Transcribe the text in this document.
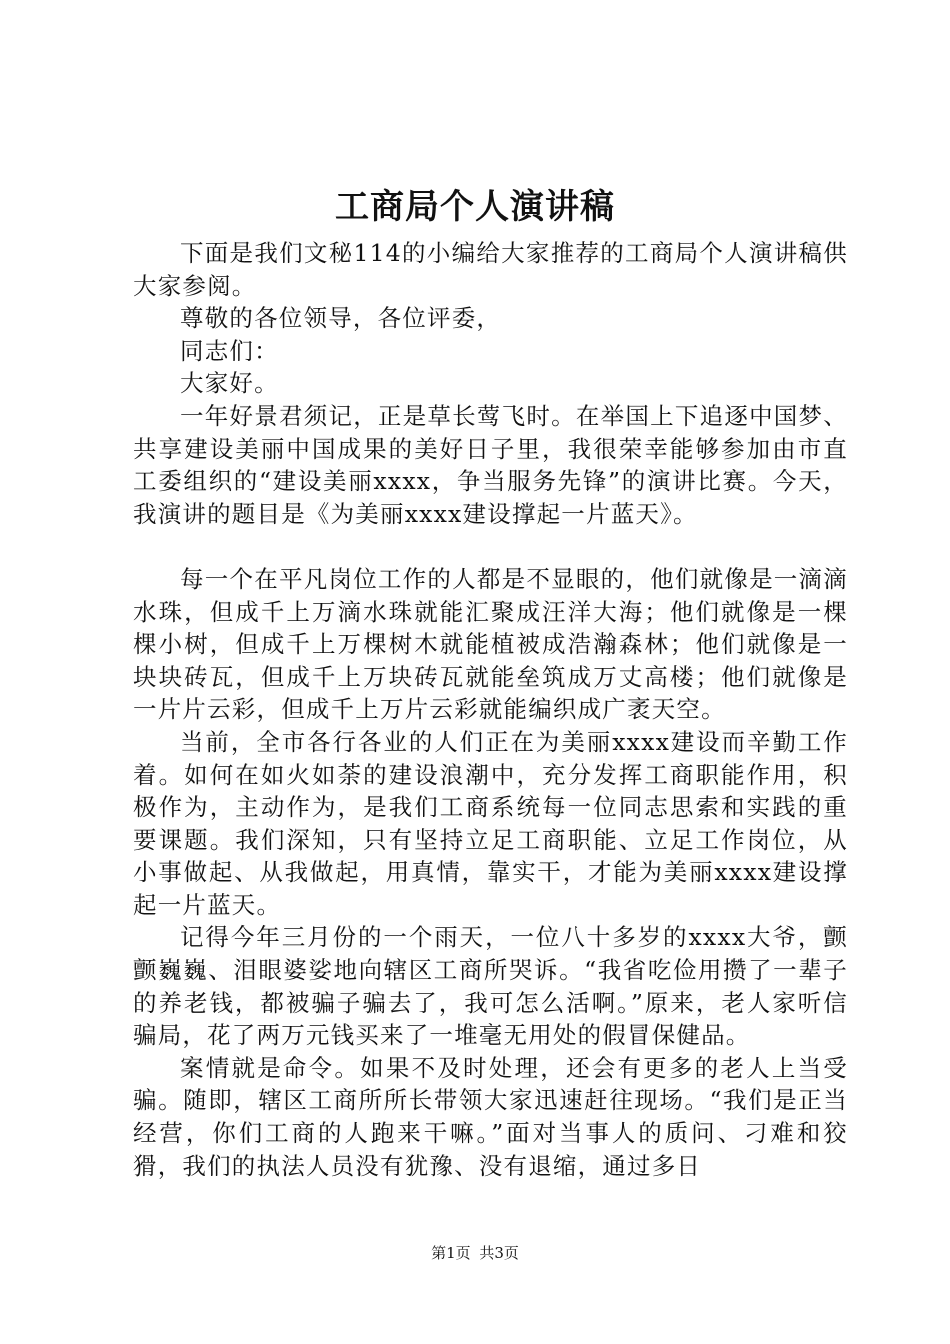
工商局个人演讲稿

下面是我们文秘114的小编给大家推荐的工商局个人演讲稿供大家参阅。

尊敬的各位领导，各位评委，

同志们：

大家好。

一年好景君须记，正是草长莺飞时。在举国上下追逐中国梦、共享建设美丽中国成果的美好日子里，我很荣幸能够参加由市直工委组织的“建设美丽xxxx，争当服务先锋”的演讲比赛。今天，我演讲的题目是《为美丽xxxx建设撑起一片蓝天》。

每一个在平凡岗位工作的人都是不显眼的，他们就像是一滴滴水珠，但成千上万滴水珠就能汇聚成汪洋大海；他们就像是一棵棵小树，但成千上万棵树木就能植被成浩瀚森林；他们就像是一块块砖瓦，但成千上万块砖瓦就能垒筑成万丈高楼；他们就像是一片片云彩，但成千上万片云彩就能编织成广袤天空。

当前，全市各行各业的人们正在为美丽xxxx建设而辛勤工作着。如何在如火如荼的建设浪潮中，充分发挥工商职能作用，积极作为，主动作为，是我们工商系统每一位同志思索和实践的重要课题。我们深知，只有坚持立足工商职能、立足工作岗位，从小事做起、从我做起，用真情，靠实干，才能为美丽xxxx建设撑起一片蓝天。

记得今年三月份的一个雨天，一位八十多岁的xxxx大爷，颤颤巍巍、泪眼婆娑地向辖区工商所哭诉。“我省吃俭用攒了一辈子的养老钱，都被骗子骗去了，我可怎么活啊。”原来，老人家听信骗局，花了两万元钱买来了一堆毫无用处的假冒保健品。

案情就是命令。如果不及时处理，还会有更多的老人上当受骗。随即，辖区工商所所长带领大家迅速赶往现场。“我们是正当经营，你们工商的人跑来干嘛。”面对当事人的质问、刁难和狡猾，我们的执法人员没有犹豫、没有退缩，通过多日

第1页 共3页
